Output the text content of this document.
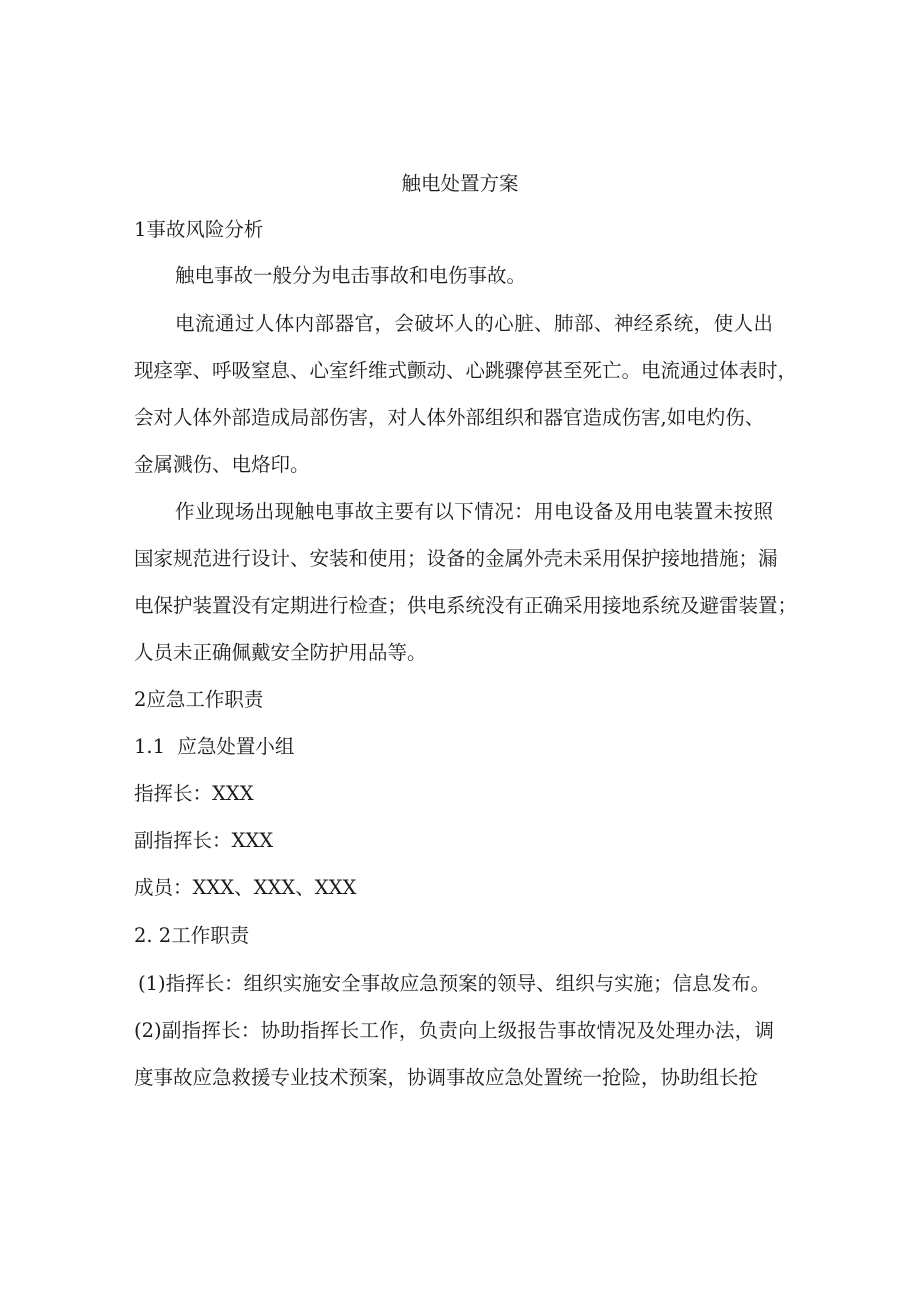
触电处置方案

1事故风险分析

触电事故一般分为电击事故和电伤事故。

电流通过人体内部器官，会破坏人的心脏、肺部、神经系统，使人出

现痉挛、呼吸窒息、心室纤维式颤动、心跳骤停甚至死亡。电流通过体表时，

会对人体外部造成局部伤害，对人体外部组织和器官造成伤害,如电灼伤、

金属溅伤、电烙印。

作业现场出现触电事故主要有以下情况：用电设备及用电装置未按照

国家规范进行设计、安装和使用；设备的金属外壳未采用保护接地措施；漏

电保护装置没有定期进行检查；供电系统没有正确采用接地系统及避雷装置；

人员未正确佩戴安全防护用品等。

2应急工作职责

1.1  应急处置小组

指挥长：XXX

副指挥长：XXX

成员：XXX、XXX、XXX

2. 2工作职责

(1)指挥长：组织实施安全事故应急预案的领导、组织与实施；信息发布。

(2)副指挥长：协助指挥长工作，负责向上级报告事故情况及处理办法，调

度事故应急救援专业技术预案，协调事故应急处置统一抢险，协助组长抢
